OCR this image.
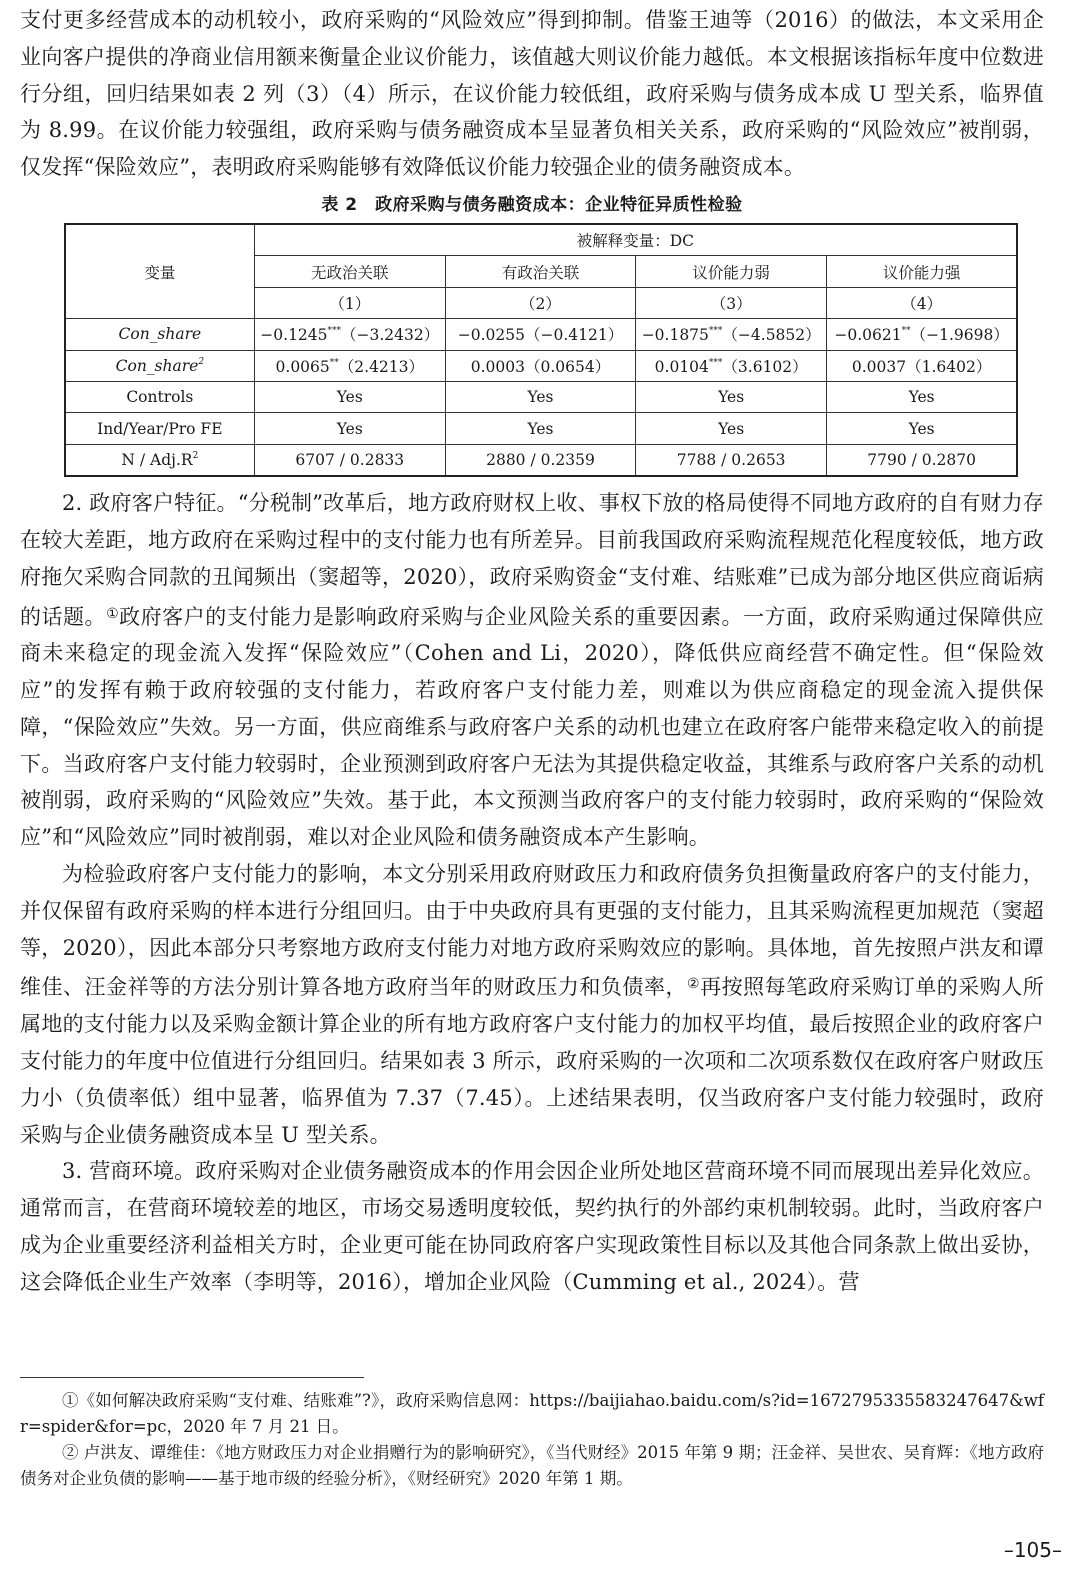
支付更多经营成本的动机较小，政府采购的“风险效应”得到抑制。借鉴王迪等（2016）的做法，本文采用企业向客户提供的净商业信用额来衡量企业议价能力，该值越大则议价能力越低。本文根据该指标年度中位数进行分组，回归结果如表 2 列（3）（4）所示，在议价能力较低组，政府采购与债务成本成 U 型关系，临界值为 8.99。在议价能力较强组，政府采购与债务融资成本呈显著负相关关系，政府采购的“风险效应”被削弱，仅发挥“保险效应”，表明政府采购能够有效降低议价能力较强企业的债务融资成本。

表 2　政府采购与债务融资成本：企业特征异质性检验
变量	被解释变量：DC			
	无政治关联	有政治关联	议价能力弱	议价能力强
	（1）	（2）	（3）	（4）
Con_share	−0.1245***（−3.2432）	−0.0255（−0.4121）	−0.1875***（−4.5852）	−0.0621**（−1.9698）
Con_share$^2$	0.0065**（2.4213）	0.0003（0.0654）	0.0104***（3.6102）	0.0037（1.6402）
Controls	Yes	Yes	Yes	Yes
Ind/Year/Pro FE	Yes	Yes	Yes	Yes
N / $Adj.R^2$	6707 / 0.2833	2880 / 0.2359	7788 / 0.2653	7790 / 0.2870

2. 政府客户特征。“分税制”改革后，地方政府财权上收、事权下放的格局使得不同地方政府的自有财力存在较大差距，地方政府在采购过程中的支付能力也有所差异。目前我国政府采购流程规范化程度较低，地方政府拖欠采购合同款的丑闻频出（窦超等，2020），政府采购资金“支付难、结账难”已成为部分地区供应商诟病的话题。①政府客户的支付能力是影响政府采购与企业风险关系的重要因素。一方面，政府采购通过保障供应商未来稳定的现金流入发挥“保险效应”（Cohen and Li，2020），降低供应商经营不确定性。但“保险效应”的发挥有赖于政府较强的支付能力，若政府客户支付能力差，则难以为供应商稳定的现金流入提供保障，“保险效应”失效。另一方面，供应商维系与政府客户关系的动机也建立在政府客户能带来稳定收入的前提下。当政府客户支付能力较弱时，企业预测到政府客户无法为其提供稳定收益，其维系与政府客户关系的动机被削弱，政府采购的“风险效应”失效。基于此，本文预测当政府客户的支付能力较弱时，政府采购的“保险效应”和“风险效应”同时被削弱，难以对企业风险和债务融资成本产生影响。

为检验政府客户支付能力的影响，本文分别采用政府财政压力和政府债务负担衡量政府客户的支付能力，并仅保留有政府采购的样本进行分组回归。由于中央政府具有更强的支付能力，且其采购流程更加规范（窦超等，2020），因此本部分只考察地方政府支付能力对地方政府采购效应的影响。具体地，首先按照卢洪友和谭维佳、汪金祥等的方法分别计算各地方政府当年的财政压力和负债率，②再按照每笔政府采购订单的采购人所属地的支付能力以及采购金额计算企业的所有地方政府客户支付能力的加权平均值，最后按照企业的政府客户支付能力的年度中位值进行分组回归。结果如表 3 所示，政府采购的一次项和二次项系数仅在政府客户财政压力小（负债率低）组中显著，临界值为 7.37（7.45）。上述结果表明，仅当政府客户支付能力较强时，政府采购与企业债务融资成本呈 U 型关系。

3. 营商环境。政府采购对企业债务融资成本的作用会因企业所处地区营商环境不同而展现出差异化效应。通常而言，在营商环境较差的地区，市场交易透明度较低，契约执行的外部约束机制较弱。此时，当政府客户成为企业重要经济利益相关方时，企业更可能在协同政府客户实现政策性目标以及其他合同条款上做出妥协，这会降低企业生产效率（李明等，2016），增加企业风险（Cumming et al., 2024）。营

①《如何解决政府采购“支付难、结账难”?》，政府采购信息网：https://baijiahao.baidu.com/s?id=1672795335583247647&wfr=spider&for=pc，2020 年 7 月 21 日。

② 卢洪友、谭维佳：《地方财政压力对企业捐赠行为的影响研究》，《当代财经》2015 年第 9 期；汪金祥、吴世农、吴育辉：《地方政府债务对企业负债的影响——基于地市级的经验分析》，《财经研究》2020 年第 1 期。

–105–
